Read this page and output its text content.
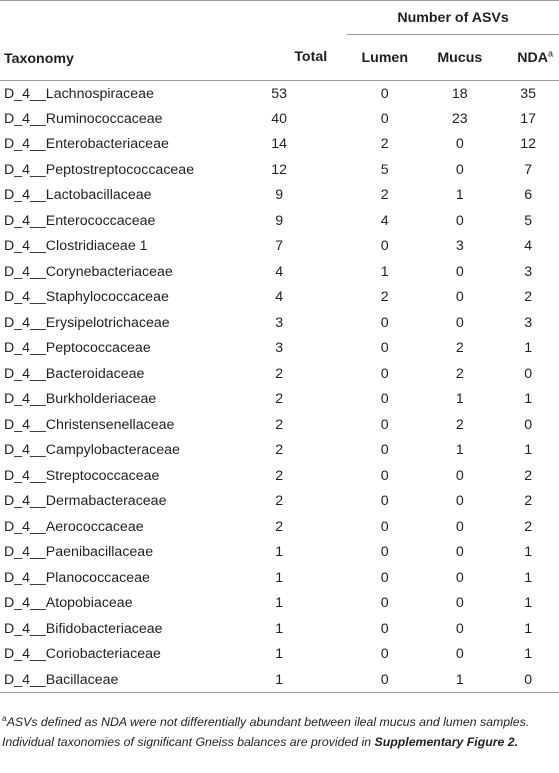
		Number of ASVs		
Taxonomy	Total	Lumen	Mucus	NDA$^a$
D_4__Lachnospiraceae	53	0	18	35
D_4__Ruminococcaceae	40	0	23	17
D_4__Enterobacteriaceae	14	2	0	12
D_4__Peptostreptococcaceae	12	5	0	7
D_4__Lactobacillaceae	9	2	1	6
D_4__Enterococcaceae	9	4	0	5
D_4__Clostridiaceae 1	7	0	3	4
D_4__Corynebacteriaceae	4	1	0	3
D_4__Staphylococcaceae	4	2	0	2
D_4__Erysipelotrichaceae	3	0	0	3
D_4__Peptococcaceae	3	0	2	1
D_4__Bacteroidaceae	2	0	2	0
D_4__Burkholderiaceae	2	0	1	1
D_4__Christensenellaceae	2	0	2	0
D_4__Campylobacteraceae	2	0	1	1
D_4__Streptococcaceae	2	0	0	2
D_4__Dermabacteraceae	2	0	0	2
D_4__Aerococcaceae	2	0	0	2
D_4__Paenibacillaceae	1	0	0	1
D_4__Planococcaceae	1	0	0	1
D_4__Atopobiaceae	1	0	0	1
D_4__Bifidobacteriaceae	1	0	0	1
D_4__Coriobacteriaceae	1	0	0	1
D_4__Bacillaceae	1	0	1	0
$^a$ASVs defined as NDA were not differentially abundant between ileal mucus and lumen samples. Individual taxonomies of significant Gneiss balances are provided in Supplementary Figure 2.
